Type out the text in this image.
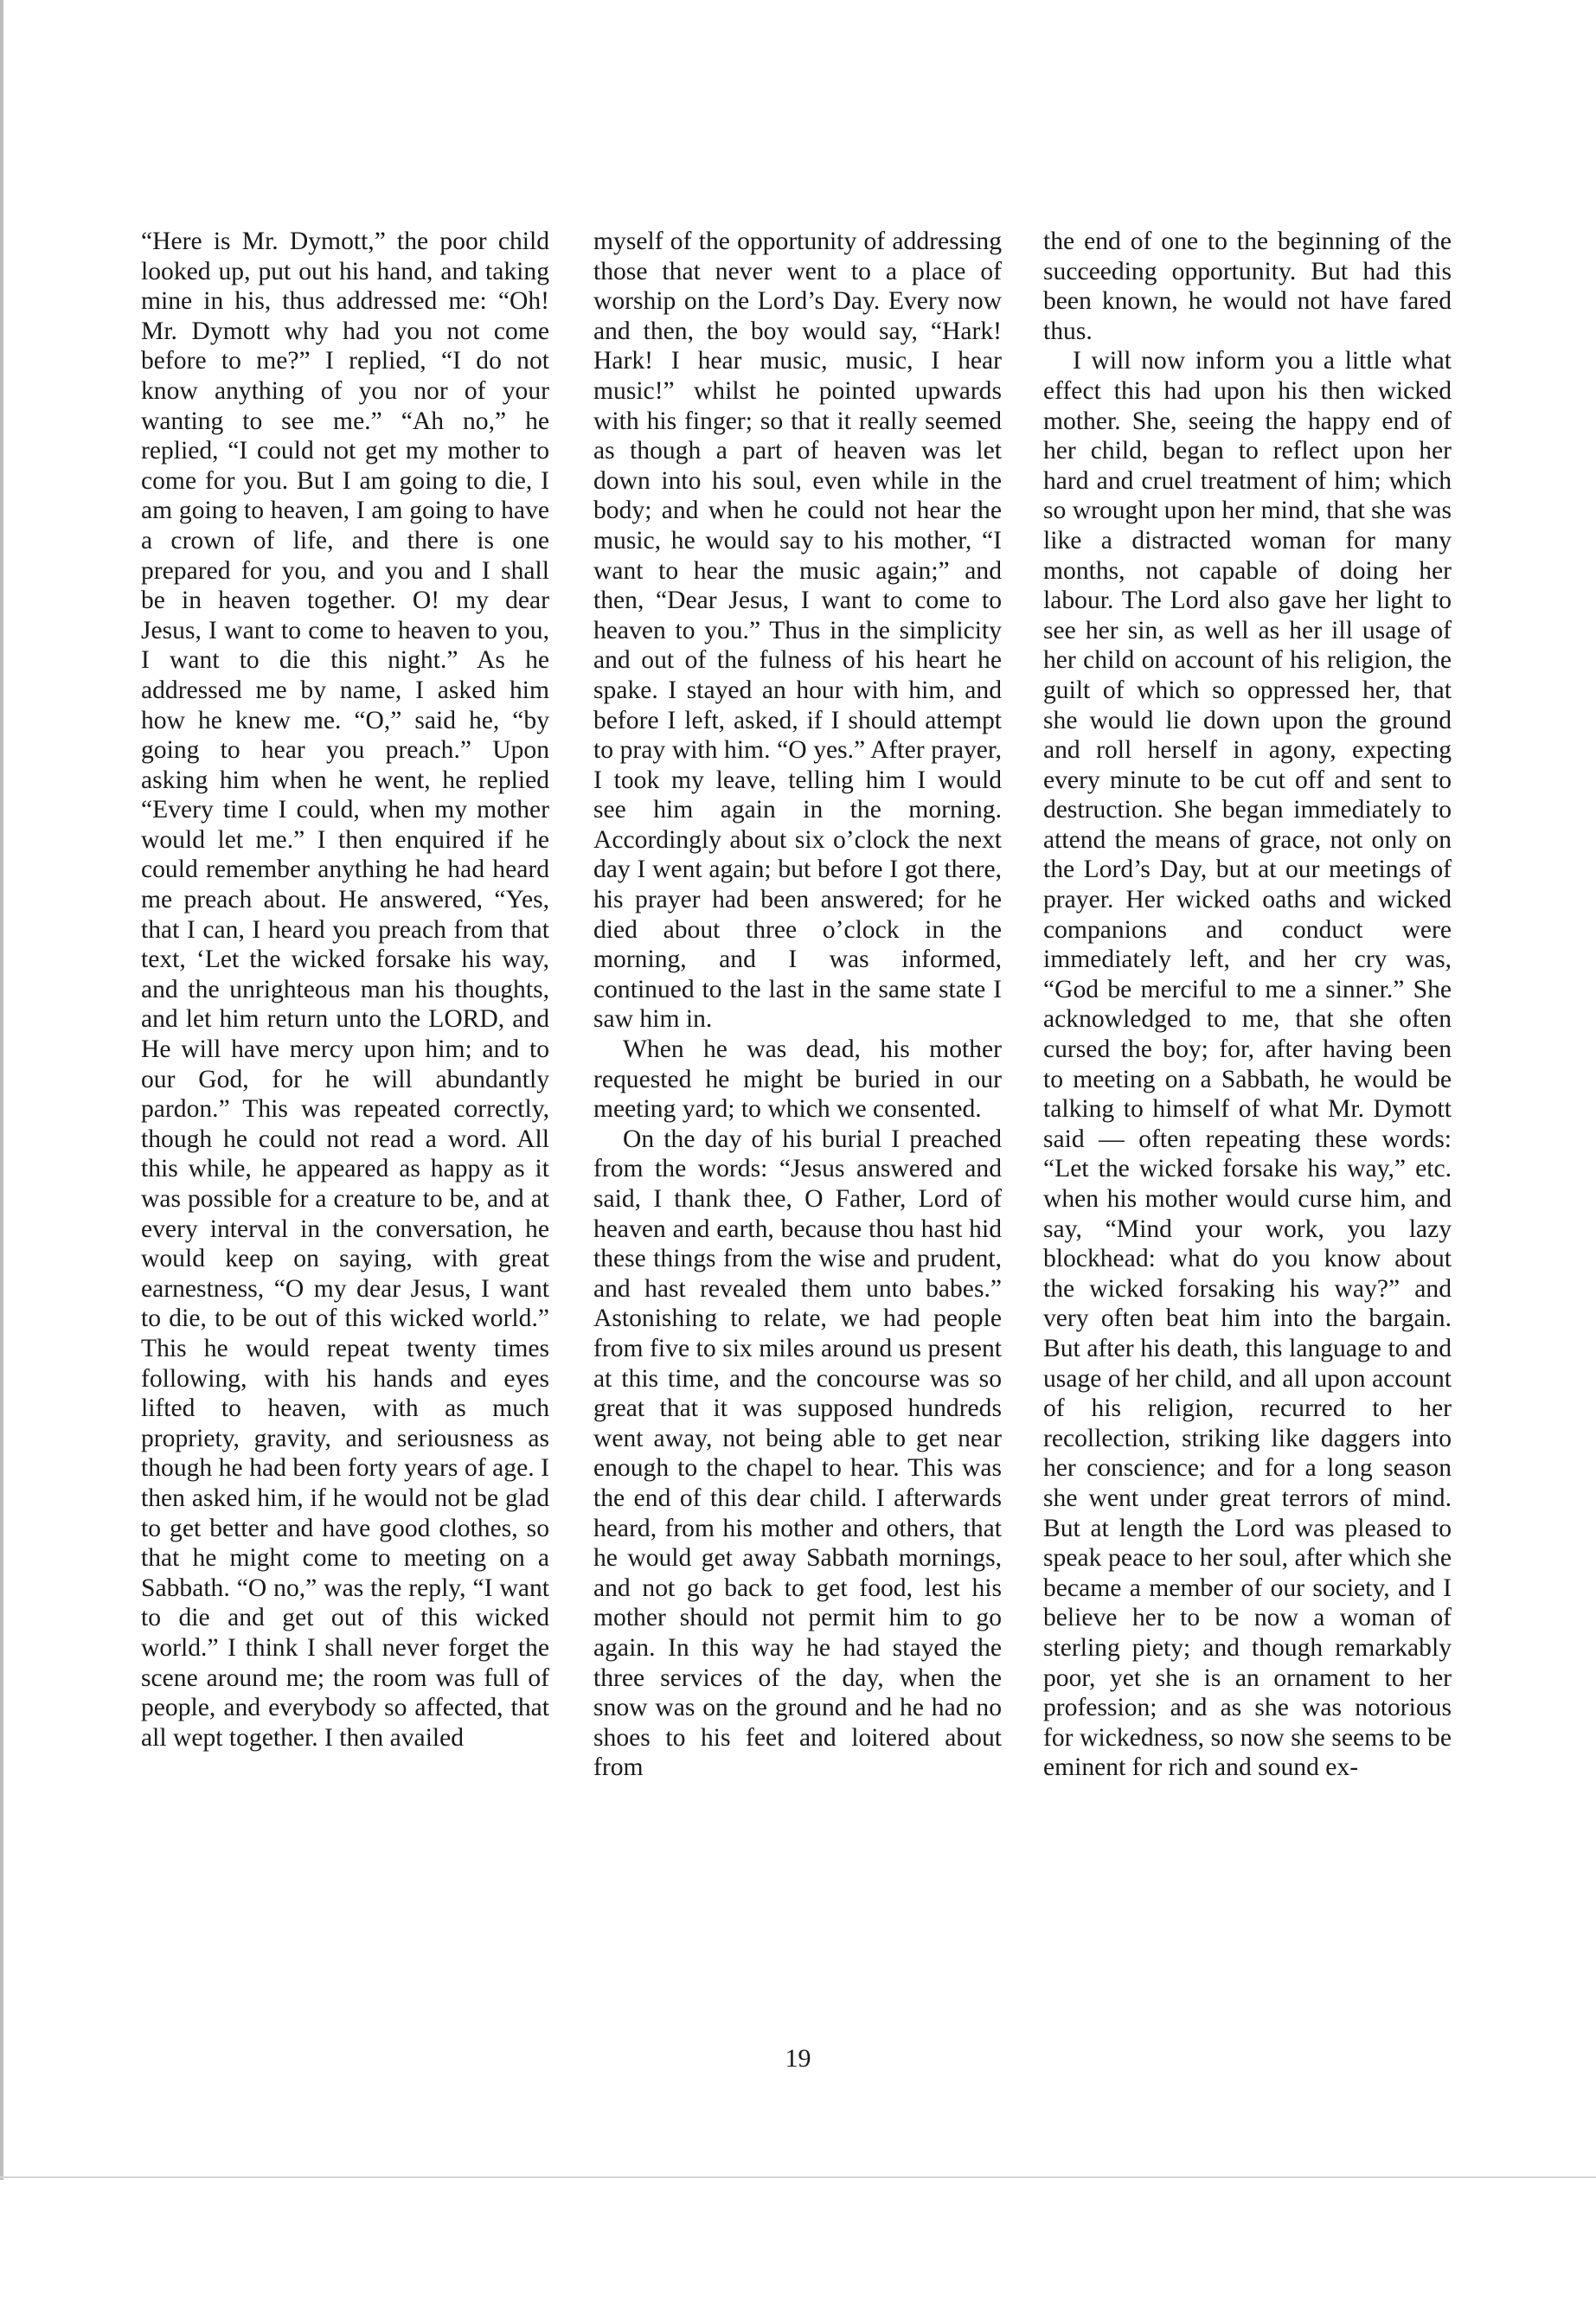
“Here is Mr. Dymott,” the poor child looked up, put out his hand, and taking mine in his, thus addressed me: “Oh! Mr. Dymott why had you not come before to me?” I replied, “I do not know anything of you nor of your wanting to see me.” “Ah no,” he replied, “I could not get my mother to come for you. But I am going to die, I am going to heaven, I am going to have a crown of life, and there is one prepared for you, and you and I shall be in heaven together. O! my dear Jesus, I want to come to heaven to you, I want to die this night.” As he addressed me by name, I asked him how he knew me. “O,” said he, “by going to hear you preach.” Upon asking him when he went, he replied “Every time I could, when my mother would let me.” I then enquired if he could remember anything he had heard me preach about. He answered, “Yes, that I can, I heard you preach from that text, ‘Let the wicked forsake his way, and the unrighteous man his thoughts, and let him return unto the LORD, and He will have mercy upon him; and to our God, for he will abundantly pardon.” This was repeated correctly, though he could not read a word. All this while, he appeared as happy as it was possible for a creature to be, and at every interval in the conversation, he would keep on saying, with great earnestness, “O my dear Jesus, I want to die, to be out of this wicked world.” This he would repeat twenty times following, with his hands and eyes lifted to heaven, with as much propriety, gravity, and seriousness as though he had been forty years of age. I then asked him, if he would not be glad to get better and have good clothes, so that he might come to meeting on a Sabbath. “O no,” was the reply, “I want to die and get out of this wicked world.” I think I shall never forget the scene around me; the room was full of people, and everybody so affected, that all wept together. I then availed

myself of the opportunity of addressing those that never went to a place of worship on the Lord’s Day. Every now and then, the boy would say, “Hark! Hark! I hear music, music, I hear music!” whilst he pointed upwards with his finger; so that it really seemed as though a part of heaven was let down into his soul, even while in the body; and when he could not hear the music, he would say to his mother, “I want to hear the music again;” and then, “Dear Jesus, I want to come to heaven to you.” Thus in the simplicity and out of the fulness of his heart he spake. I stayed an hour with him, and before I left, asked, if I should attempt to pray with him. “O yes.” After prayer, I took my leave, telling him I would see him again in the morning. Accordingly about six o’clock the next day I went again; but before I got there, his prayer had been answered; for he died about three o’clock in the morning, and I was informed, continued to the last in the same state I saw him in.

When he was dead, his mother requested he might be buried in our meeting yard; to which we consented.

On the day of his burial I preached from the words: “Jesus answered and said, I thank thee, O Father, Lord of heaven and earth, because thou hast hid these things from the wise and prudent, and hast revealed them unto babes.” Astonishing to relate, we had people from five to six miles around us present at this time, and the concourse was so great that it was supposed hundreds went away, not being able to get near enough to the chapel to hear. This was the end of this dear child. I afterwards heard, from his mother and others, that he would get away Sabbath mornings, and not go back to get food, lest his mother should not permit him to go again. In this way he had stayed the three services of the day, when the snow was on the ground and he had no shoes to his feet and loitered about from

the end of one to the beginning of the succeeding opportunity. But had this been known, he would not have fared thus.

I will now inform you a little what effect this had upon his then wicked mother. She, seeing the happy end of her child, began to reflect upon her hard and cruel treatment of him; which so wrought upon her mind, that she was like a distracted woman for many months, not capable of doing her labour. The Lord also gave her light to see her sin, as well as her ill usage of her child on account of his religion, the guilt of which so oppressed her, that she would lie down upon the ground and roll herself in agony, expecting every minute to be cut off and sent to destruction. She began immediately to attend the means of grace, not only on the Lord’s Day, but at our meetings of prayer. Her wicked oaths and wicked companions and conduct were immediately left, and her cry was, “God be merciful to me a sinner.” She acknowledged to me, that she often cursed the boy; for, after having been to meeting on a Sabbath, he would be talking to himself of what Mr. Dymott said — often repeating these words: “Let the wicked forsake his way,” etc. when his mother would curse him, and say, “Mind your work, you lazy blockhead: what do you know about the wicked forsaking his way?” and very often beat him into the bargain. But after his death, this language to and usage of her child, and all upon account of his religion, recurred to her recollection, striking like daggers into her conscience; and for a long season she went under great terrors of mind. But at length the Lord was pleased to speak peace to her soul, after which she became a member of our society, and I believe her to be now a woman of sterling piety; and though remarkably poor, yet she is an ornament to her profession; and as she was notorious for wickedness, so now she seems to be eminent for rich and sound ex-

19
